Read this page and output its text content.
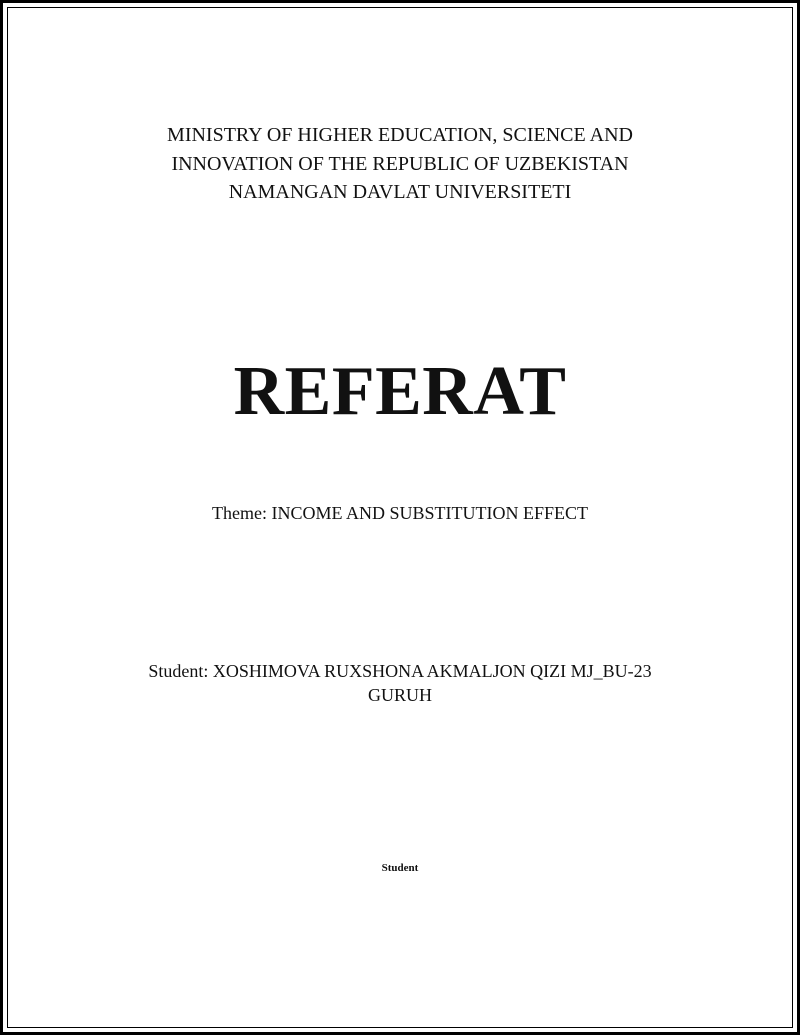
MINISTRY OF HIGHER EDUCATION, SCIENCE AND
INNOVATION OF THE REPUBLIC OF UZBEKISTAN
NAMANGAN DAVLAT UNIVERSITETI
REFERAT
Theme: INCOME AND SUBSTITUTION EFFECT
Student: XOSHIMOVA RUXSHONA AKMALJON QIZI MJ_BU-23
GURUH
Student
